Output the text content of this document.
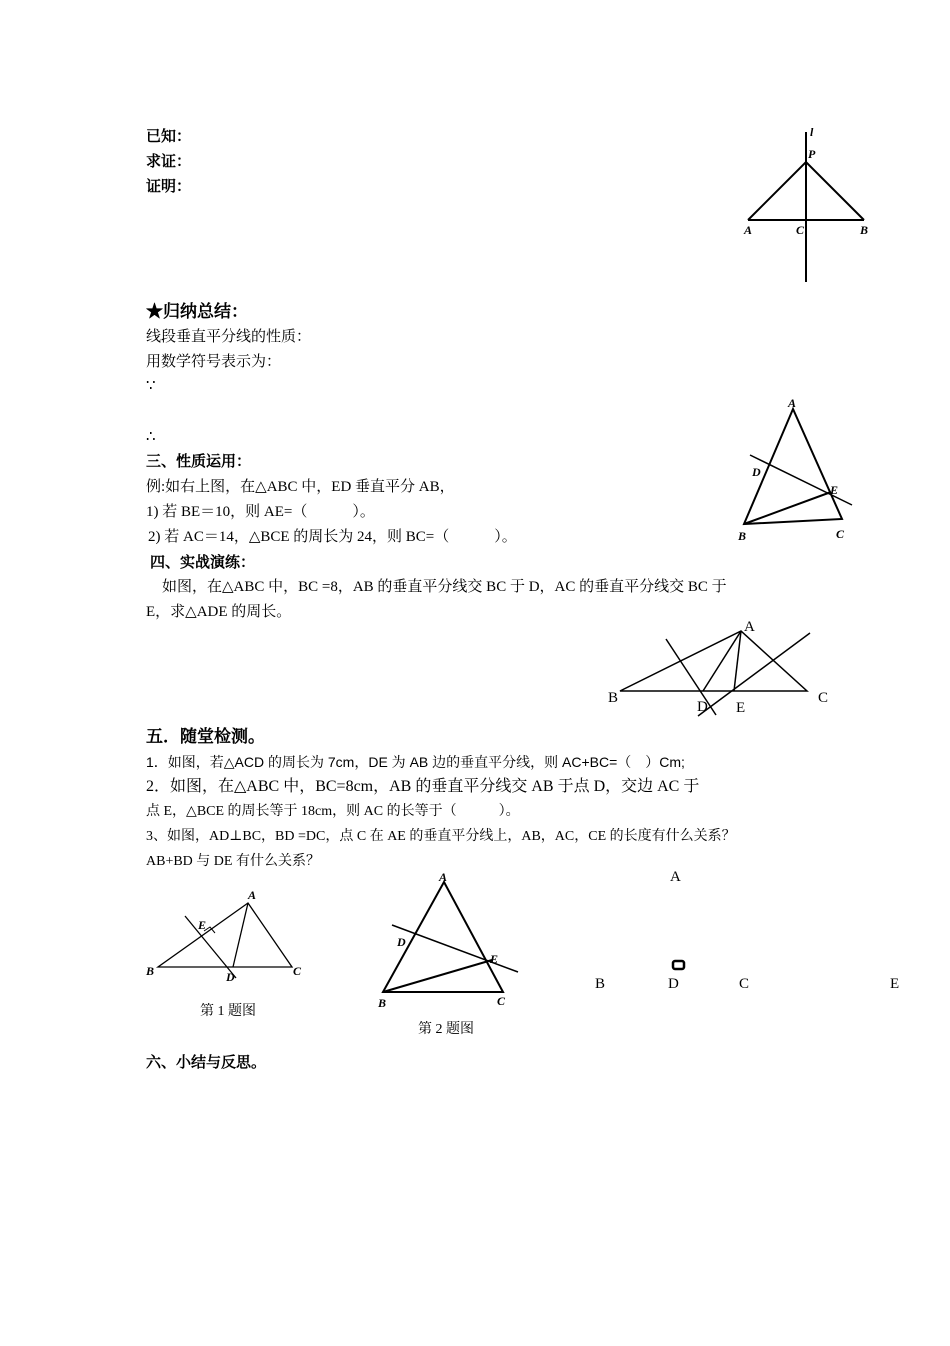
已知：
求证：
证明：
l
P
A	C	B
★归纳总结：
线段垂直平分线的性质：
用数学符号表示为：
∵
∴
A
D
E
B	C
三、性质运用：
例:如右上图，在△ABC 中，ED 垂直平分 AB，
1) 若 BE＝10，则 AE=（　　　）。
2) 若 AC＝14，△BCE 的周长为 24，则 BC=（　　　）。
四、实战演练：
如图，在△ABC 中，BC =8，AB 的垂直平分线交 BC 于 D，AC 的垂直平分线交 BC 于
E，求△ADE 的周长。
A
B	C
D E
五．随堂检测。
1．如图，若△ACD 的周长为 7cm，DE 为 AB 边的垂直平分线，则 AC+BC=（　）Cm;
2．如图，在△ABC 中，BC=8cm，AB 的垂直平分线交 AB 于点 D，交边 AC 于
点 E，△BCE 的周长等于 18cm，则 AC 的长等于（　　　）。
3、如图，AD⊥BC，BD =DC，点 C 在 AE 的垂直平分线上，AB，AC，CE 的长度有什么关系？
AB+BD 与 DE 有什么关系？
A
E
B	D	C
第 1 题图
A
D
E
B	C
第 2 题图
A
B	D	C	E
六、小结与反思。
